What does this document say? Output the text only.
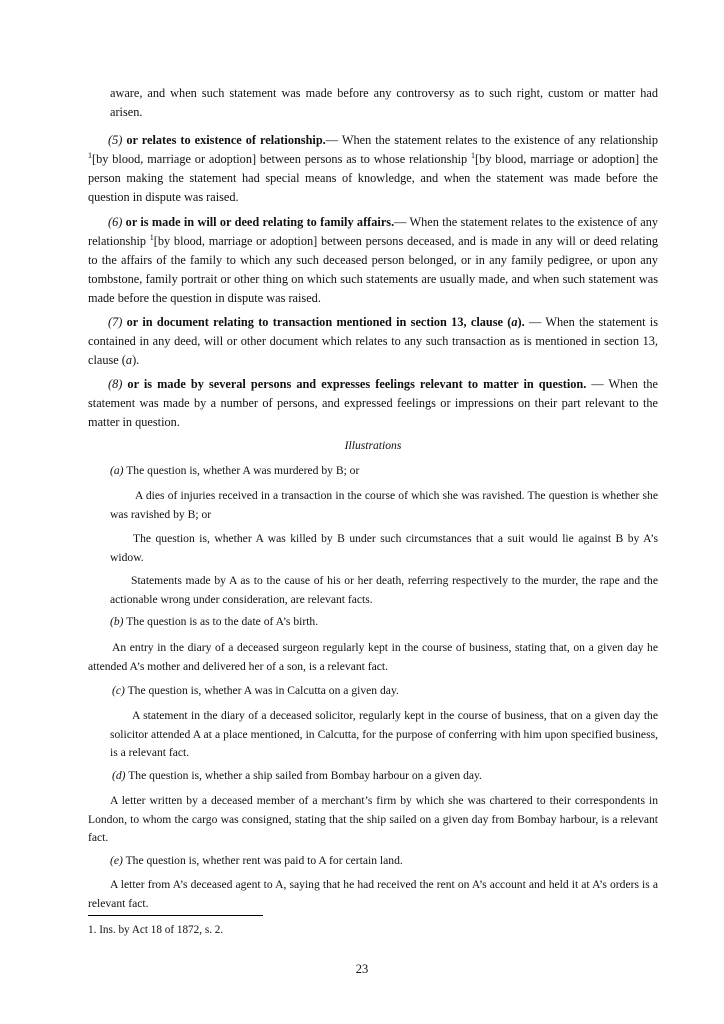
aware, and when such statement was made before any controversy as to such right, custom or matter had arisen.

(5) or relates to existence of relationship.— When the statement relates to the existence of any relationship $^1$[by blood, marriage or adoption] between persons as to whose relationship $^1$[by blood, marriage or adoption] the person making the statement had special means of knowledge, and when the statement was made before the question in dispute was raised.

(6) or is made in will or deed relating to family affairs.— When the statement relates to the existence of any relationship $^1$[by blood, marriage or adoption] between persons deceased, and is made in any will or deed relating to the affairs of the family to which any such deceased person belonged, or in any family pedigree, or upon any tombstone, family portrait or other thing on which such statements are usually made, and when such statement was made before the question in dispute was raised.

(7) or in document relating to transaction mentioned in section 13, clause (a). — When the statement is contained in any deed, will or other document which relates to any such transaction as is mentioned in section 13, clause (a).

(8) or is made by several persons and expresses feelings relevant to matter in question. — When the statement was made by a number of persons, and expressed feelings or impressions on their part relevant to the matter in question.

Illustrations

(a) The question is, whether A was murdered by B; or

A dies of injuries received in a transaction in the course of which she was ravished. The question is whether she was ravished by B; or

The question is, whether A was killed by B under such circumstances that a suit would lie against B by A’s widow.

Statements made by A as to the cause of his or her death, referring respectively to the murder, the rape and the actionable wrong under consideration, are relevant facts.

(b) The question is as to the date of A’s birth.

An entry in the diary of a deceased surgeon regularly kept in the course of business, stating that, on a given day he attended A’s mother and delivered her of a son, is a relevant fact.

(c) The question is, whether A was in Calcutta on a given day.

A statement in the diary of a deceased solicitor, regularly kept in the course of business, that on a given day the solicitor attended A at a place mentioned, in Calcutta, for the purpose of conferring with him upon specified business, is a relevant fact.

(d) The question is, whether a ship sailed from Bombay harbour on a given day.

A letter written by a deceased member of a merchant’s firm by which she was chartered to their correspondents in London, to whom the cargo was consigned, stating that the ship sailed on a given day from Bombay harbour, is a relevant fact.

(e) The question is, whether rent was paid to A for certain land.

A letter from A’s deceased agent to A, saying that he had received the rent on A’s account and held it at A’s orders is a relevant fact.

1. Ins. by Act 18 of 1872, s. 2.
23
